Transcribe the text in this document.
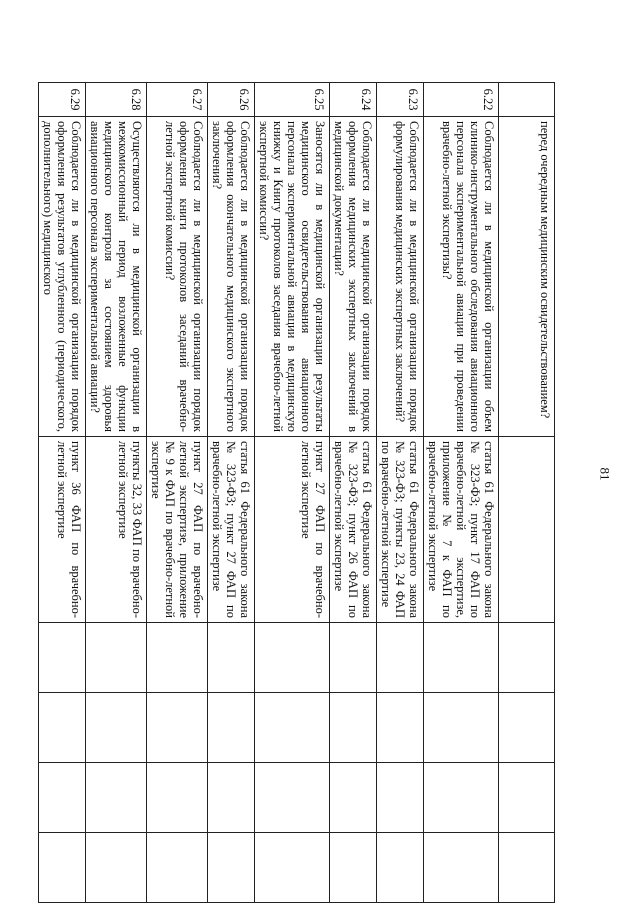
81
	перед очередным медицинским освидетельствованием?					
6.22	Соблюдается ли в медицинской организации объем клинико-инструментального обследования авиационного персонала экспериментальной авиации при проведении врачебно-летной экспертизы?	статья 61 Федерального закона № 323-ФЗ; пункт 17 ФАП по врачебно-летной экспертизе, приложение № 7 к ФАП по врачебно-летной экспертизе				
6.23	Соблюдается ли в медицинской организации порядок формулирования медицинских экспертных заключений?	статья 61 Федерального закона № 323-ФЗ; пункты 23, 24 ФАП по врачебно-летной экспертизе				
6.24	Соблюдается ли в медицинской организации порядок оформления медицинских экспертных заключений в медицинской документации?	статья 61 Федерального закона № 323-ФЗ; пункт 26 ФАП по врачебно-летной экспертизе				
6.25	Заносятся ли в медицинской организации результаты медицинского освидетельствования авиационного персонала экспериментальной авиации в медицинскую книжку и Книгу протоколов заседания врачебно-летной экспертной комиссии?	пункт 27 ФАП по врачебно-летной экспертизе				
6.26	Соблюдается ли в медицинской организации порядок оформления окончательного медицинского экспертного заключения?	статья 61 Федерального закона № 323-ФЗ; пункт 27 ФАП по врачебно-летной экспертизе				
6.27	Соблюдается ли в медицинской организации порядок оформления книги протоколов заседаний врачебно-летной экспертной комиссии?	пункт 27 ФАП по врачебно-летной экспертизе, приложение № 9 к ФАП по врачебно-летной экспертизе				
6.28	Осуществляются ли в медицинской организации в межкомиссионный период возложенные функции медицинского контроля за состоянием здоровья авиационного персонала экспериментальной авиации?	пункты 32, 33 ФАП по врачебно-летной экспертизе				
6.29	Соблюдается ли в медицинской организации порядок оформления результатов углубленного (периодического, дополнительного) медицинского	пункт 36 ФАП по врачебно-летной экспертизе				
